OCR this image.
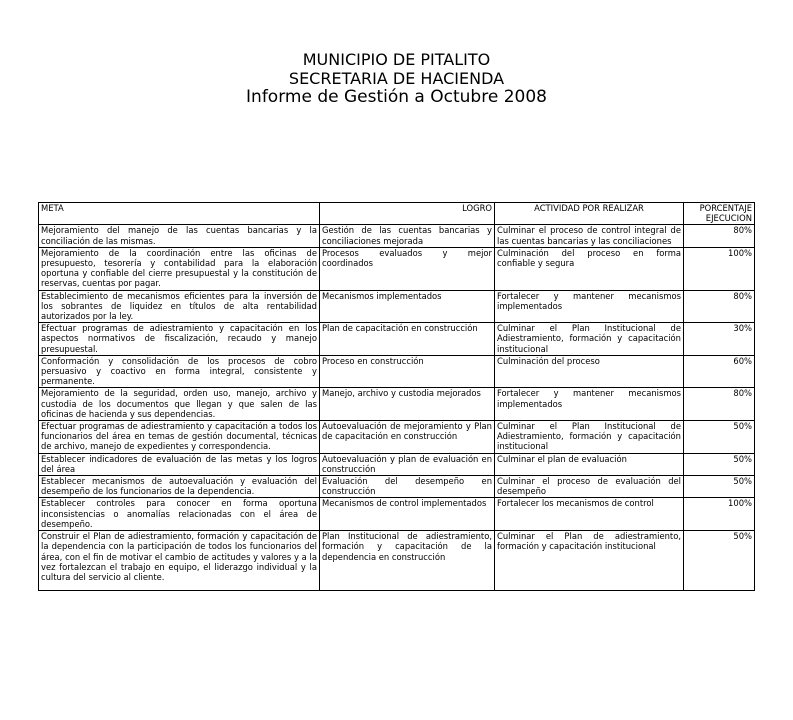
MUNICIPIO DE PITALITO
SECRETARIA DE HACIENDA
Informe de Gestión a Octubre 2008
META	LOGRO	ACTIVIDAD POR REALIZAR	PORCENTAJE EJECUCION
Mejoramiento del manejo de las cuentas bancarias y la conciliación de las mismas.	Gestión de las cuentas bancarias y conciliaciones mejorada	Culminar el proceso de control integral de las cuentas bancarias y las conciliaciones	80%
Mejoramiento de la coordinación entre las oficinas de presupuesto, tesorería y contabilidad para la elaboración oportuna y confiable del cierre presupuestal y la constitución de reservas, cuentas por pagar.	Procesos evaluados y mejor coordinados	Culminación del proceso en forma confiable y segura	100%
Establecimiento de mecanismos eficientes para la inversión de los sobrantes de liquidez en títulos de alta rentabilidad autorizados por la ley.	Mecanismos implementados	Fortalecer y mantener mecanismos implementados	80%
Efectuar programas de adiestramiento y capacitación en los aspectos normativos de fiscalización, recaudo y manejo presupuestal.	Plan de capacitación en construcción	Culminar el Plan Institucional de Adiestramiento, formación y capacitación institucional	30%
Conformación y consolidación de los procesos de cobro persuasivo y coactivo en forma integral, consistente y permanente.	Proceso en construcción	Culminación del proceso	60%
Mejoramiento de la seguridad, orden uso, manejo, archivo y custodia de los documentos que llegan y que salen de las oficinas de hacienda y sus dependencias.	Manejo, archivo y custodia mejorados	Fortalecer y mantener mecanismos implementados	80%
Efectuar programas de adiestramiento y capacitación a todos los funcionarios del área en temas de gestión documental, técnicas de archivo, manejo de expedientes y correspondencia.	Autoevaluación de mejoramiento y Plan de capacitación en construcción	Culminar el Plan Institucional de Adiestramiento, formación y capacitación institucional	50%
Establecer indicadores de evaluación de las metas y los logros del área	Autoevaluación y plan de evaluación en construcción	Culminar el plan de evaluación	50%
Establecer mecanismos de autoevaluación y evaluación del desempeño de los funcionarios de la dependencia.	Evaluación del desempeño en construcción	Culminar el proceso de evaluación del desempeño	50%
Establecer controles para conocer en forma oportuna inconsistencias o anomalías relacionadas con el área de desempeño.	Mecanismos de control implementados	Fortalecer los mecanismos de control	100%
Construir el Plan de adiestramiento, formación y capacitación de la dependencia con la participación de todos los funcionarios del área, con el fin de motivar el cambio de actitudes y valores y a la vez fortalezcan el trabajo en equipo, el liderazgo individual y la cultura del servicio al cliente.	Plan Institucional de adiestramiento, formación y capacitación de la dependencia en construcción	Culminar el Plan de adiestramiento, formación y capacitación institucional	50%
